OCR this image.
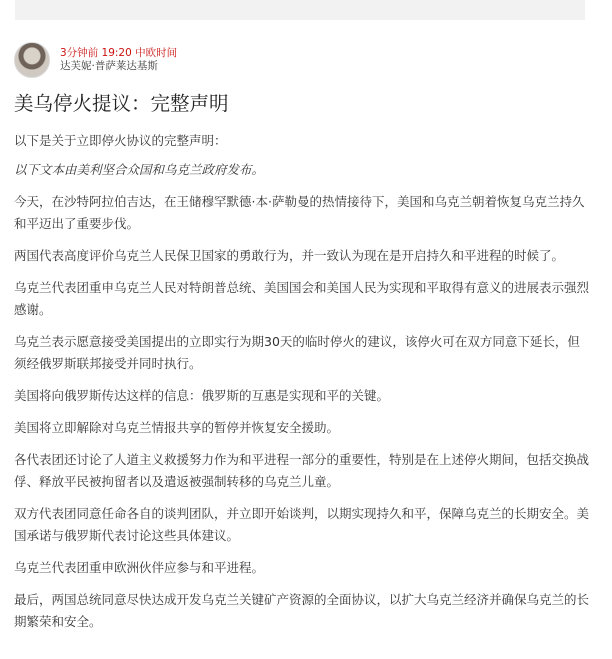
3分钟前 19:20 中欧时间
达芙妮·普萨莱达基斯
美乌停火提议：完整声明

以下是关于立即停火协议的完整声明：

以下文本由美利坚合众国和乌克兰政府发布。

今天，在沙特阿拉伯吉达，在王储穆罕默德·本·萨勒曼的热情接待下，美国和乌克兰朝着恢复乌克兰持久和平迈出了重要步伐。

两国代表高度评价乌克兰人民保卫国家的勇敢行为，并一致认为现在是开启持久和平进程的时候了。

乌克兰代表团重申乌克兰人民对特朗普总统、美国国会和美国人民为实现和平取得有意义的进展表示强烈感谢。

乌克兰表示愿意接受美国提出的立即实行为期30天的临时停火的建议，该停火可在双方同意下延长，但须经俄罗斯联邦接受并同时执行。

美国将向俄罗斯传达这样的信息：俄罗斯的互惠是实现和平的关键。

美国将立即解除对乌克兰情报共享的暂停并恢复安全援助。

各代表团还讨论了人道主义救援努力作为和平进程一部分的重要性，特别是在上述停火期间，包括交换战俘、释放平民被拘留者以及遣返被强制转移的乌克兰儿童。

双方代表团同意任命各自的谈判团队，并立即开始谈判，以期实现持久和平，保障乌克兰的长期安全。美国承诺与俄罗斯代表讨论这些具体建议。

乌克兰代表团重申欧洲伙伴应参与和平进程。

最后，两国总统同意尽快达成开发乌克兰关键矿产资源的全面协议，以扩大乌克兰经济并确保乌克兰的长期繁荣和安全。
